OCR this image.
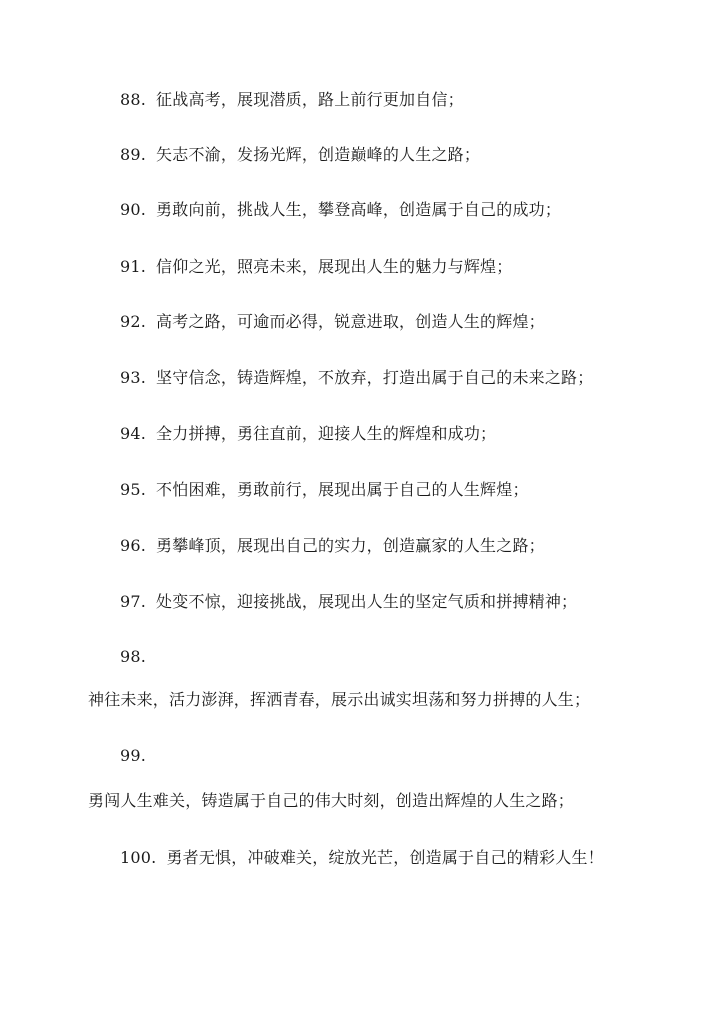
88. 征战高考，展现潜质，路上前行更加自信；
89. 矢志不渝，发扬光辉，创造巅峰的人生之路；
90. 勇敢向前，挑战人生，攀登高峰，创造属于自己的成功；
91. 信仰之光，照亮未来，展现出人生的魅力与辉煌；
92. 高考之路，可逾而必得，锐意进取，创造人生的辉煌；
93. 坚守信念，铸造辉煌，不放弃，打造出属于自己的未来之路；
94. 全力拼搏，勇往直前，迎接人生的辉煌和成功；
95. 不怕困难，勇敢前行，展现出属于自己的人生辉煌；
96. 勇攀峰顶，展现出自己的实力，创造赢家的人生之路；
97. 处变不惊，迎接挑战，展现出人生的坚定气质和拼搏精神；
98.
神往未来，活力澎湃，挥洒青春，展示出诚实坦荡和努力拼搏的人生；
99.
勇闯人生难关，铸造属于自己的伟大时刻，创造出辉煌的人生之路；
100. 勇者无惧，冲破难关，绽放光芒，创造属于自己的精彩人生！
